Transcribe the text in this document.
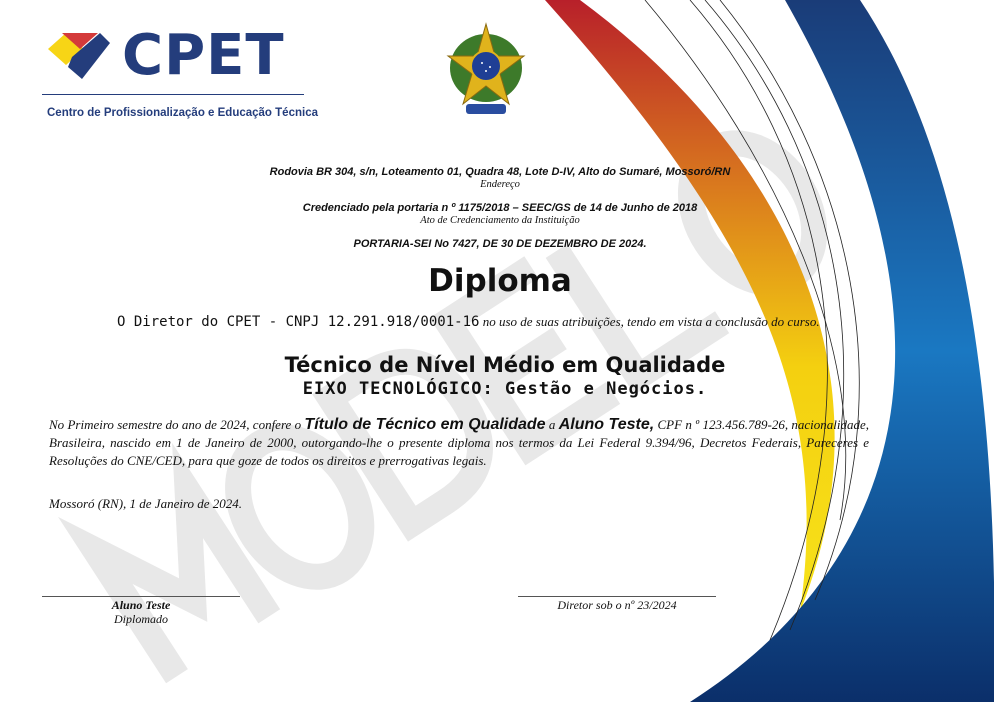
CPET
Centro de Profissionalização e Educação Técnica
Rodovia BR 304, s/n, Loteamento 01, Quadra 48, Lote D-IV, Alto do Sumaré, Mossoró/RN
Endereço
Credenciado pela portaria n º 1175/2018 – SEEC/GS de 14 de Junho de 2018
Ato de Credenciamento da Instituição
PORTARIA-SEI No 7427, DE 30 DE DEZEMBRO DE 2024.
Diploma
O Diretor do CPET - CNPJ 12.291.918/0001-16 no uso de suas atribuições, tendo em vista a conclusão do curso.
Técnico de Nível Médio em Qualidade
EIXO TECNOLÓGICO: Gestão e Negócios.
No Primeiro semestre do ano de 2024, confere o Título de Técnico em Qualidade a Aluno Teste, CPF n º 123.456.789-26, nacionalidade, Brasileira, nascido em 1 de Janeiro de 2000, outorgando-lhe o presente diploma nos termos da Lei Federal 9.394/96, Decretos Federais, Pareceres e Resoluções do CNE/CED, para que goze de todos os direitos e prerrogativas legais.
Mossoró (RN), 1 de Janeiro de 2024.
Aluno Teste
Diplomado
Diretor sob o nº 23/2024
